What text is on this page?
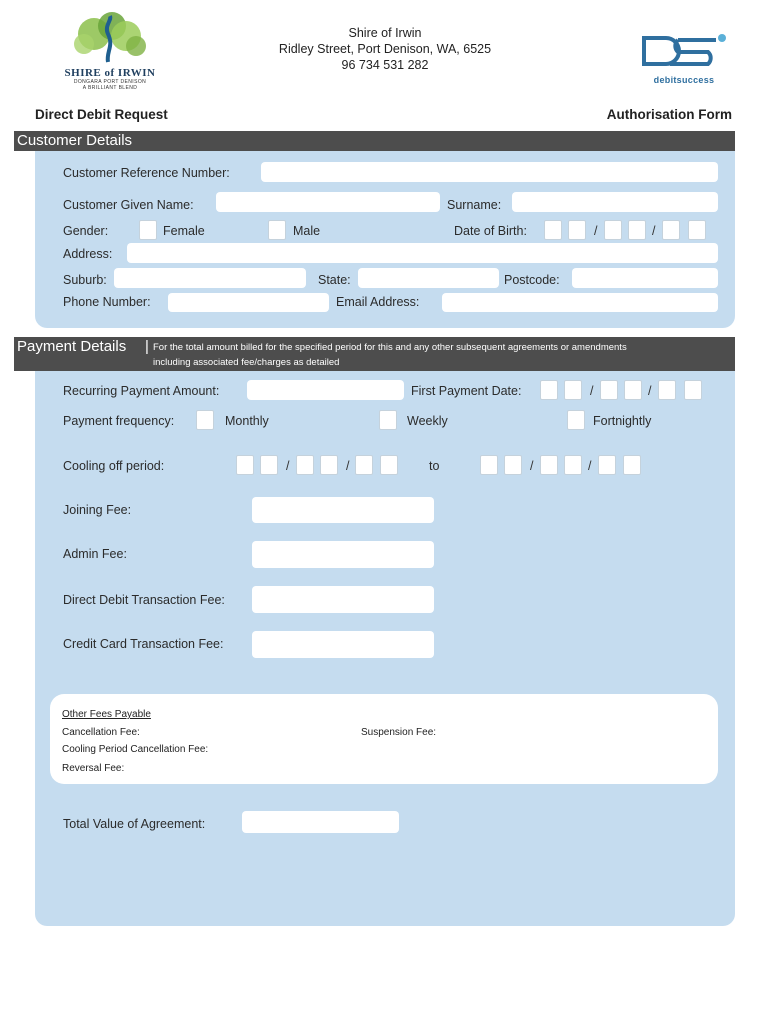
SHIRE of IRWIN
DONGARA PORT DENISON
A BRILLIANT BLEND
Shire of Irwin
Ridley Street, Port Denison, WA, 6525
96 734 531 282
debitsuccess
Direct Debit Request	Authorisation Form
Customer Details
Customer Reference Number:
Customer Given Name:	Surname:
Gender:	Female	Male	Date of Birth:	/	/
Address:
Suburb:	State:	Postcode:
Phone Number:	Email Address:
Payment Details | For the total amount billed for the specified period for this and any other subsequent agreements or amendments
including associated fee/charges as detailed
Recurring Payment Amount:	First Payment Date:	/	/
Payment frequency:	Monthly	Weekly	Fortnightly
Cooling off period:	/	/	to	/	/
Joining Fee:
Admin Fee:
Direct Debit Transaction Fee:
Credit Card Transaction Fee:
Other Fees Payable
Cancellation Fee:	Suspension Fee:
Cooling Period Cancellation Fee:
Reversal Fee:
Total Value of Agreement:
